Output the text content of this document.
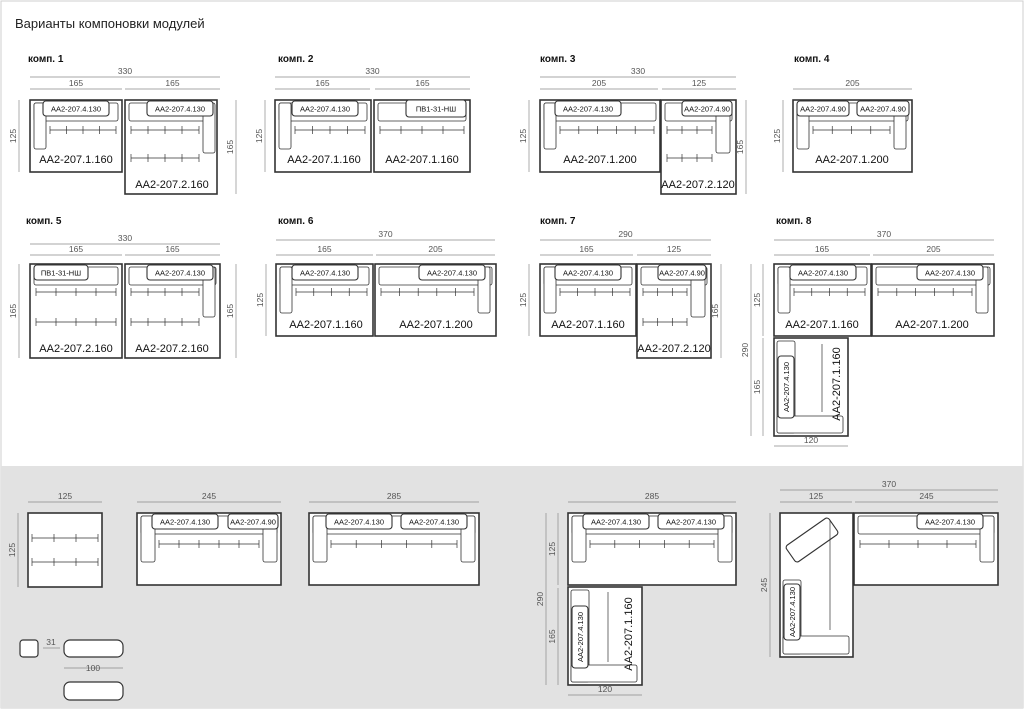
Варианты компоновки модулей
комп. 1
330
165	165
125
165
AA2-207.4.130
AA2-207.1.160
AA2-207.4.130
AA2-207.2.160
комп. 2
330
165	165
125
AA2-207.4.130
AA2-207.1.160
ПВ1-31-НШ
AA2-207.1.160
комп. 3
330
205	125
125
165
AA2-207.4.130
AA2-207.1.200
AA2-207.4.90
AA2-207.2.120
комп. 4
205
125
AA2-207.4.90 AA2-207.4.90
AA2-207.1.200
комп. 5
330
165	165
165	165
ПВ1-31-НШ
AA2-207.2.160
AA2-207.4.130
AA2-207.2.160
комп. 6
370
165	205
125
AA2-207.4.130
AA2-207.1.160
AA2-207.4.130
AA2-207.1.200
комп. 7
290
165	125
125
165
AA2-207.4.130
AA2-207.1.160
AA2-207.4.90
AA2-207.2.120
комп. 8
370
165	205
125
290
165
120
AA2-207.4.130
AA2-207.1.160
AA2-207.4.130
AA2-207.1.200
AA2-207.4.130	AA2-207.1.160
125
125
245
AA2-207.4.130	AA2-207.4.90
285
AA2-207.4.130	AA2-207.4.130
31
100
285
125
290
165
120
AA2-207.4.130	AA2-207.4.130
AA2-207.4.130	AA2-207.1.160
370
125	245
245
AA2-207.4.130
AA2-207.4.130
